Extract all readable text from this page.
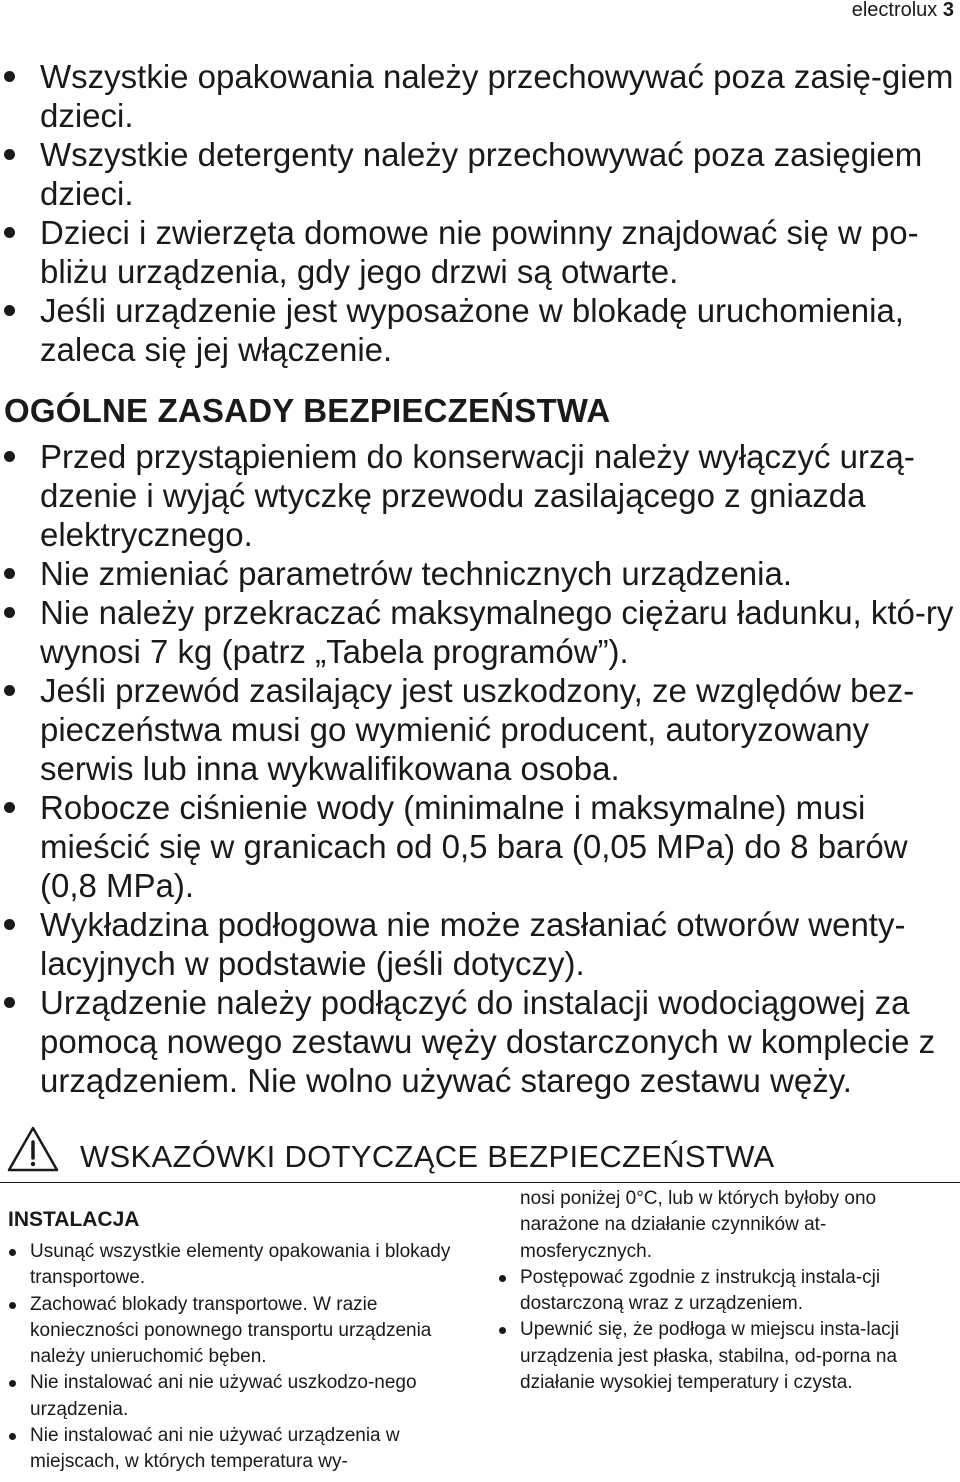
electrolux 3
Wszystkie opakowania należy przechowywać poza zasię-giem dzieci.
Wszystkie detergenty należy przechowywać poza zasięgiem dzieci.
Dzieci i zwierzęta domowe nie powinny znajdować się w po-bliżu urządzenia, gdy jego drzwi są otwarte.
Jeśli urządzenie jest wyposażone w blokadę uruchomienia, zaleca się jej włączenie.
OGÓLNE ZASADY BEZPIECZEŃSTWA
Przed przystąpieniem do konserwacji należy wyłączyć urzą-dzenie i wyjąć wtyczkę przewodu zasilającego z gniazda elektrycznego.
Nie zmieniać parametrów technicznych urządzenia.
Nie należy przekraczać maksymalnego ciężaru ładunku, któ-ry wynosi 7 kg (patrz „Tabela programów”).
Jeśli przewód zasilający jest uszkodzony, ze względów bez-pieczeństwa musi go wymienić producent, autoryzowany serwis lub inna wykwalifikowana osoba.
Robocze ciśnienie wody (minimalne i maksymalne) musi mieścić się w granicach od 0,5 bara (0,05 MPa) do 8 barów (0,8 MPa).
Wykładzina podłogowa nie może zasłaniać otworów wenty-lacyjnych w podstawie (jeśli dotyczy).
Urządzenie należy podłączyć do instalacji wodociągowej za pomocą nowego zestawu węży dostarczonych w komplecie z urządzeniem. Nie wolno używać starego zestawu węży.
WSKAZÓWKI DOTYCZĄCE BEZPIECZEŃSTWA
INSTALACJA
Usunąć wszystkie elementy opakowania i blokady transportowe.
Zachować blokady transportowe. W razie konieczności ponownego transportu urządzenia należy unieruchomić bęben.
Nie instalować ani nie używać uszkodzo-nego urządzenia.
Nie instalować ani nie używać urządzenia w miejscach, w których temperatura wy-
nosi poniżej 0°C, lub w których byłoby ono narażone na działanie czynników at-mosferycznych.
Postępować zgodnie z instrukcją instala-cji dostarczoną wraz z urządzeniem.
Upewnić się, że podłoga w miejscu insta-lacji urządzenia jest płaska, stabilna, od-porna na działanie wysokiej temperatury i czysta.
